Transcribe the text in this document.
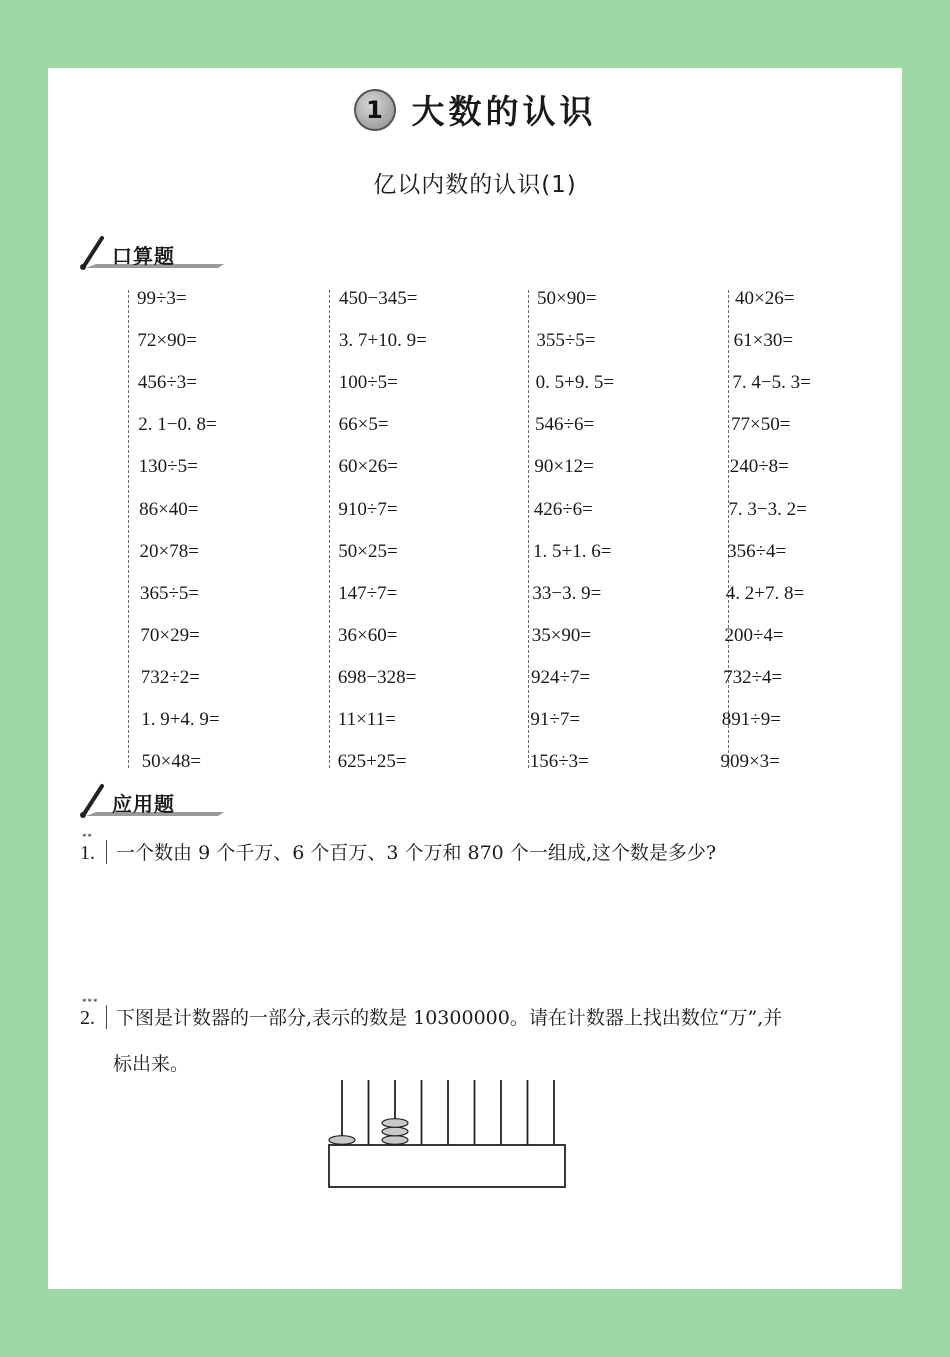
1 大数的认识
亿以内数的认识(1)
口算题
99÷3=
72×90=
456÷3=
2. 1−0. 8=
130÷5=
86×40=
20×78=
365÷5=
70×29=
732÷2=
1. 9+4. 9=
50×48=
450−345=
3. 7+10. 9=
100÷5=
66×5=
60×26=
910÷7=
50×25=
147÷7=
36×60=
698−328=
11×11=
625+25=
50×90=
355÷5=
0. 5+9. 5=
546÷6=
90×12=
426÷6=
1. 5+1. 6=
33−3. 9=
35×90=
924÷7=
91÷7=
156÷3=
40×26=
61×30=
7. 4−5. 3=
77×50=
240÷8=
7. 3−3. 2=
356÷4=
4. 2+7. 8=
200÷4=
732÷4=
891÷9=
909×3=
应用题
**
1. 一个数由 9 个千万、6 个百万、3 个万和 870 个一组成,这个数是多少?
***
2. 下图是计数器的一部分,表示的数是 10300000。请在计数器上找出数位“万”,并
标出来。
